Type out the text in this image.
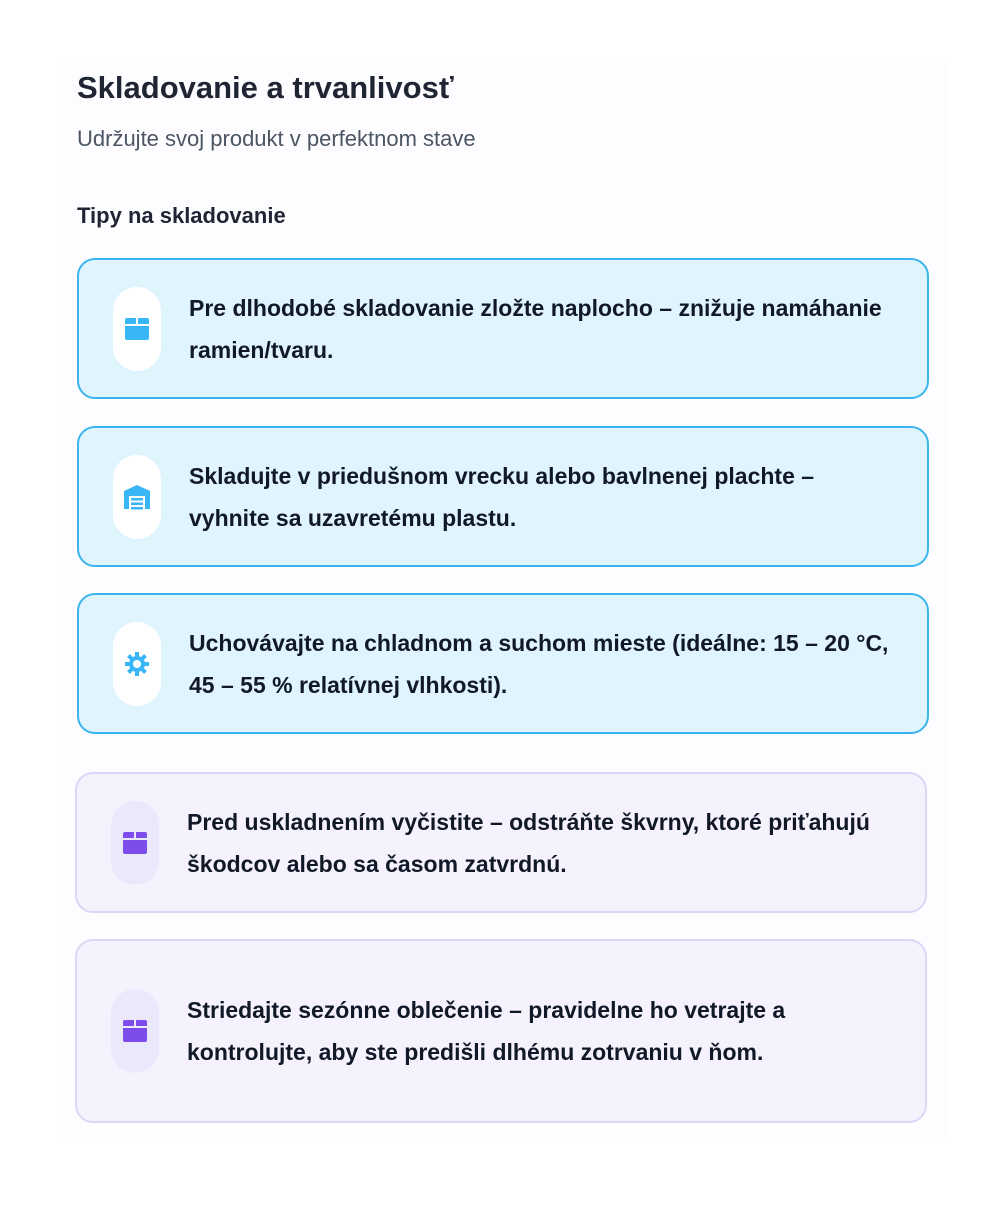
Skladovanie a trvanlivosť
Udržujte svoj produkt v perfektnom stave
Tipy na skladovanie
Pre dlhodobé skladovanie zložte naplocho – znižuje namáhanie ramien/tvaru.
Skladujte v priedušnom vrecku alebo bavlnenej plachte – vyhnite sa uzavretému plastu.
Uchovávajte na chladnom a suchom mieste (ideálne: 15 – 20 °C, 45 – 55 % relatívnej vlhkosti).
Pred uskladnením vyčistite – odstráňte škvrny, ktoré priťahujú škodcov alebo sa časom zatvrdnú.
Striedajte sezónne oblečenie – pravidelne ho vetrajte a kontrolujte, aby ste predišli dlhému zotrvaniu v ňom.
